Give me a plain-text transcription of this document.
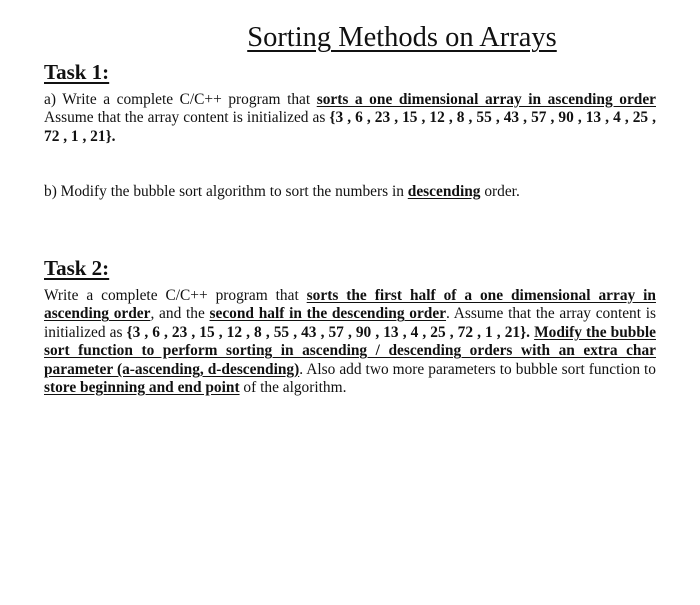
Sorting Methods on Arrays
Task 1:
a) Write a complete C/C++ program that sorts a one dimensional array in ascending order Assume that the array content is initialized as {3 , 6 , 23 , 15 , 12 , 8 , 55 , 43 , 57 , 90 , 13 , 4 , 25 , 72 , 1 , 21}.
b) Modify the bubble sort algorithm to sort the numbers in descending order.
Task 2:
Write a complete C/C++ program that sorts the first half of a one dimensional array in ascending order, and the second half in the descending order. Assume that the array content is initialized as {3 , 6 , 23 , 15 , 12 , 8 , 55 , 43 , 57 , 90 , 13 , 4 , 25 , 72 , 1 , 21}. Modify the bubble sort function to perform sorting in ascending / descending orders with an extra char parameter (a-ascending, d-descending). Also add two more parameters to bubble sort function to store beginning and end point of the algorithm.
